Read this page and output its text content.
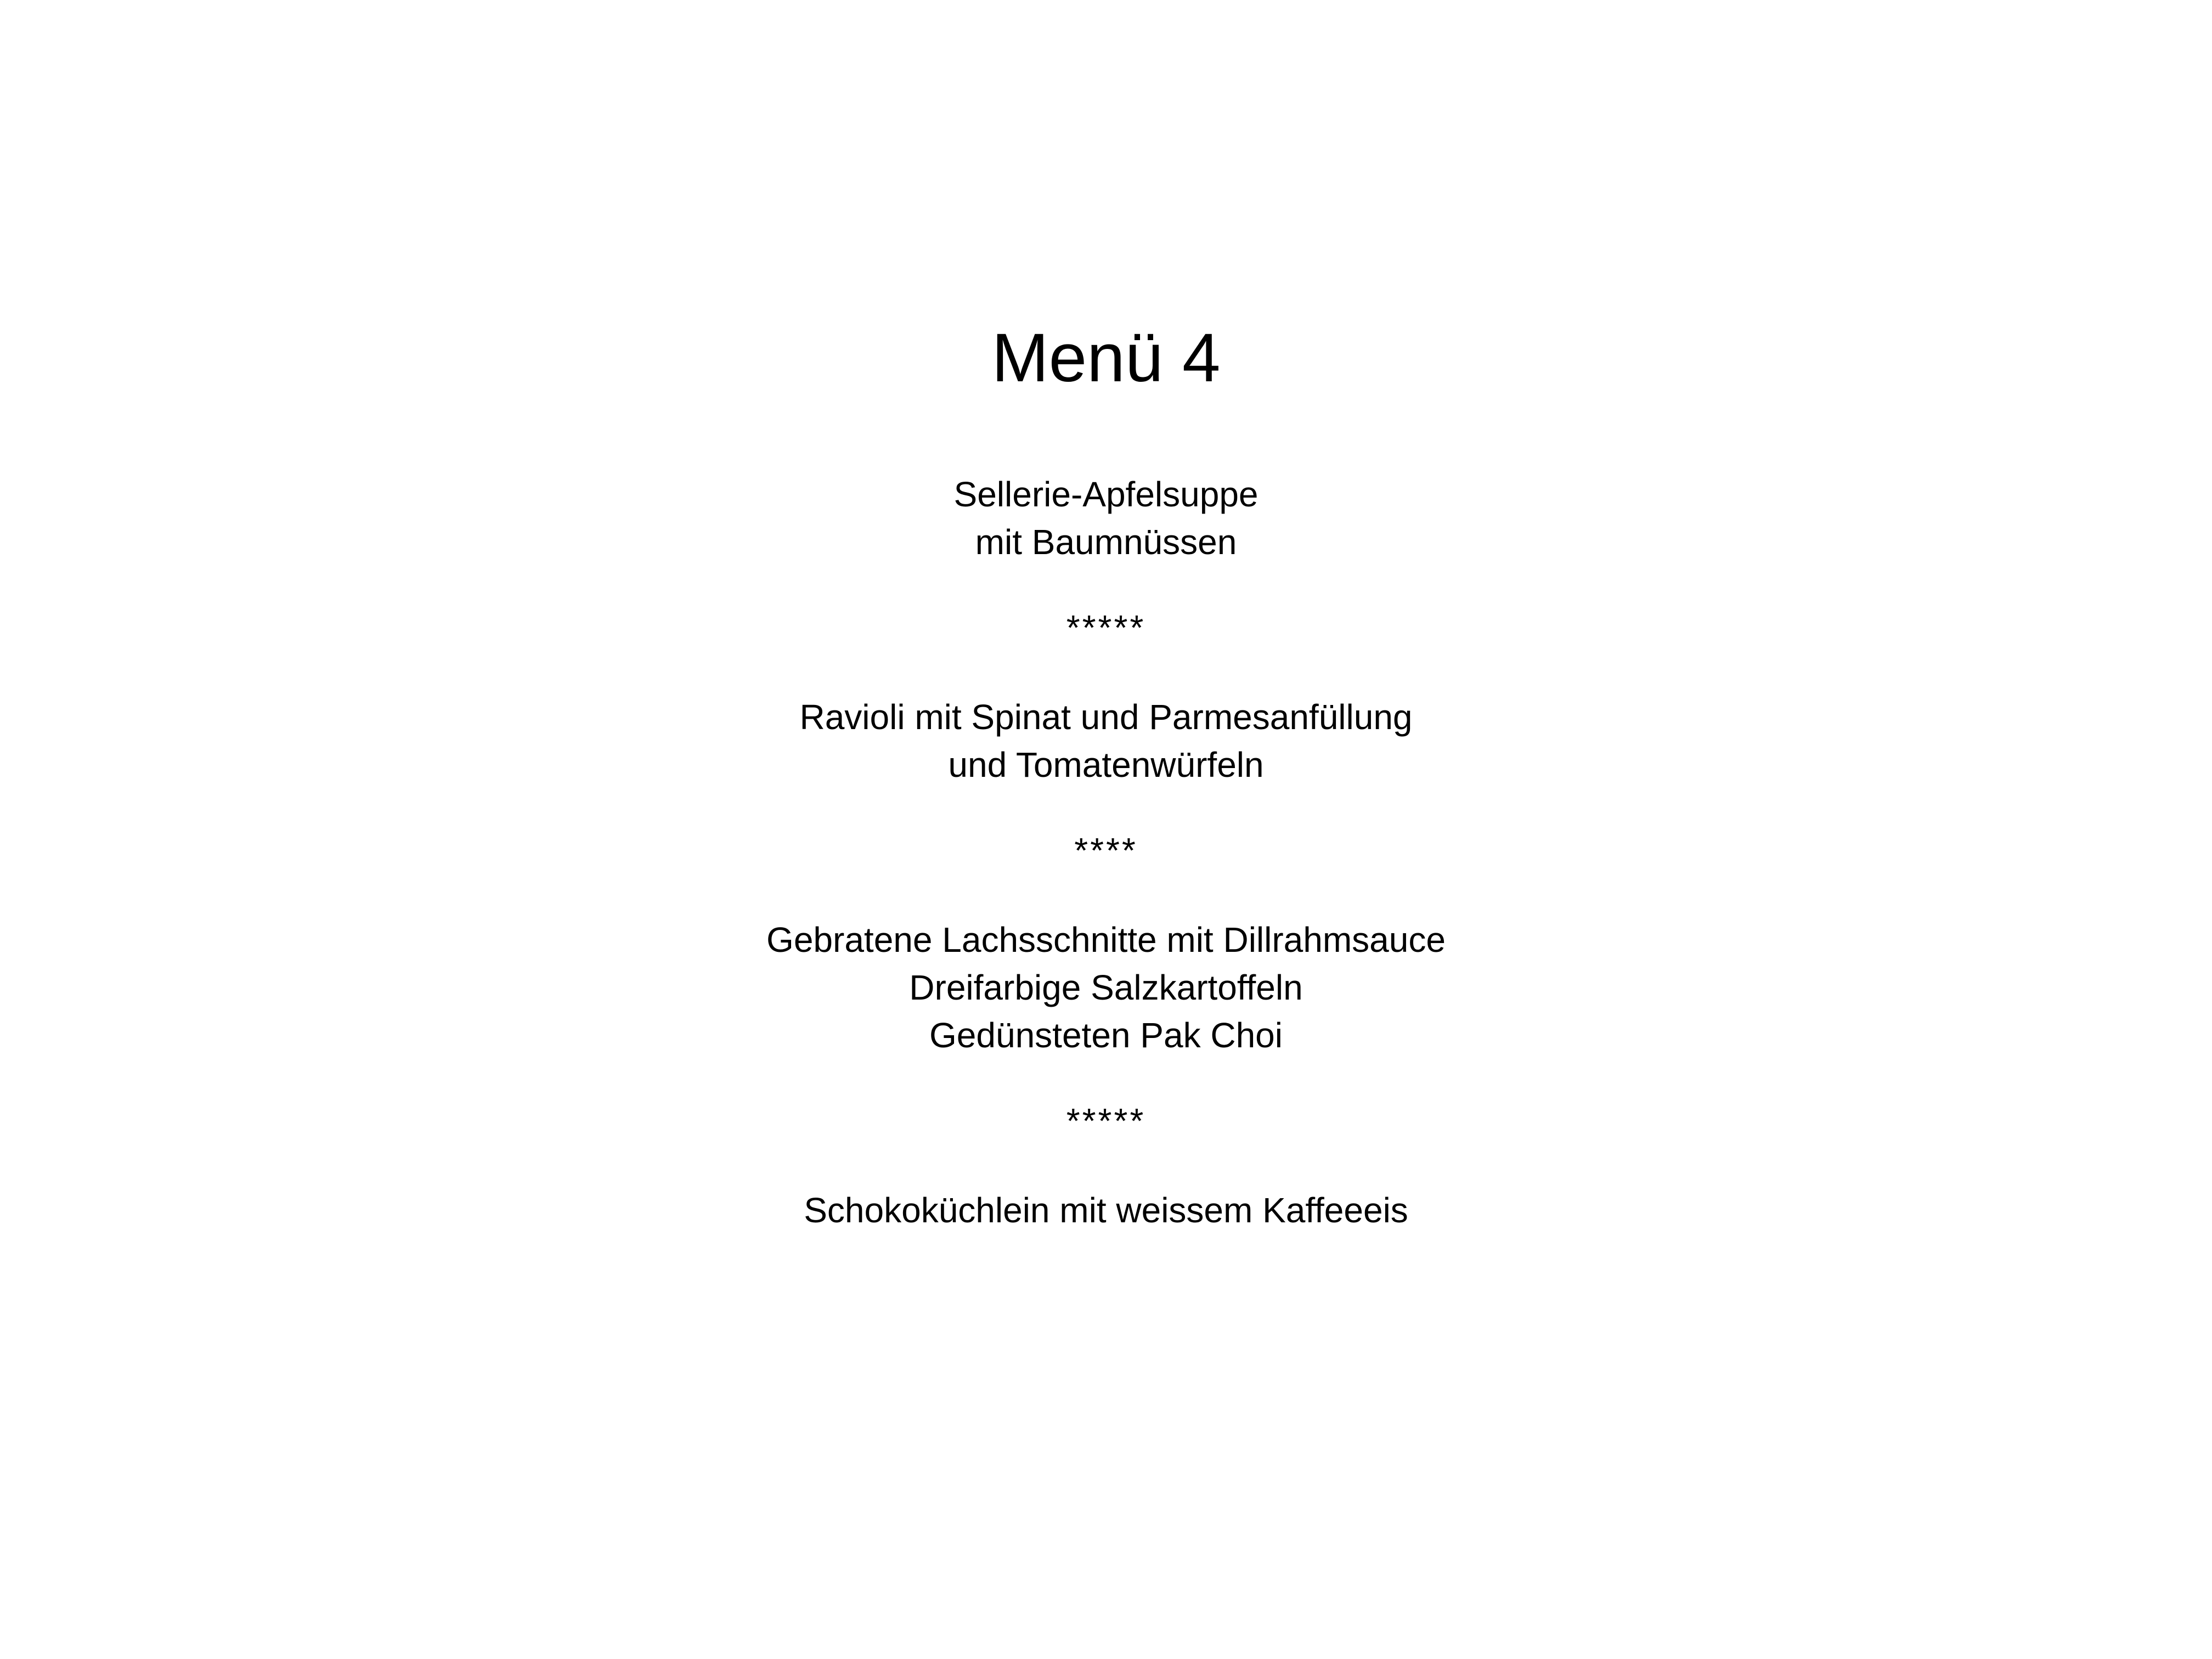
Menü 4
Sellerie-Apfelsuppe
mit Baumnüssen
*****
Ravioli mit Spinat und Parmesanfüllung
und Tomatenwürfeln
****
Gebratene Lachsschnitte mit Dillrahmsauce
Dreifarbige Salzkartoffeln
Gedünsteten Pak Choi
*****
Schokoküchlein mit weissem Kaffeeeis
